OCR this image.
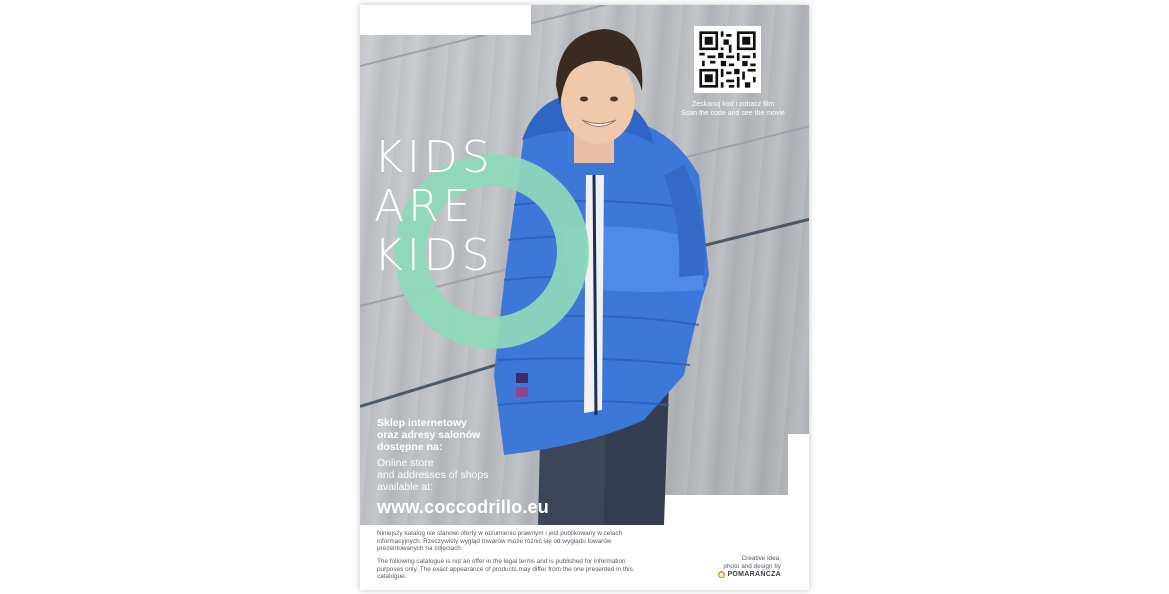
Zeskanuj kod i zobacz film
Scan the code and see the movie
KIDS
ARE
KIDS
Sklep internetowy
oraz adresy salonów
dostępne na:
Online store
and addresses of shops
available at:
www.coccodrillo.eu
Niniejszy katalog nie stanowi oferty w rozumieniu prawnym i jest publikowany w celach informacyjnych. Rzeczywisty wygląd towarów może różnić się od wyglądu towarów prezentowanych na zdjęciach.
The following catalogue is not an offer in the legal terms and is published for information purposes only. The exact appearance of products may differ from the one presented in this catalogue.
Creative idea,
photo and design by
POMARAŃCZA
